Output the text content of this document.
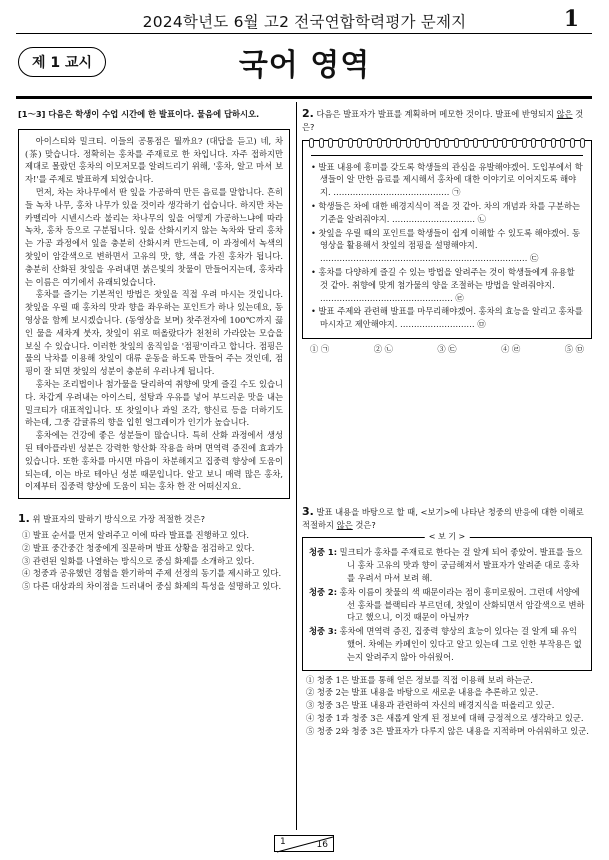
2024학년도 6월 고2 전국연합학력평가 문제지	1
제 1 교시	국어 영역
[1～3] 다음은 학생이 수업 시간에 한 발표이다. 물음에 답하시오.

아이스티와 밀크티. 이들의 공통점은 뭘까요? (대답을 듣고) 네, 차(茶) 맞습니다. 정확히는 홍차를 주재료로 한 차입니다. 자주 접하지만 제대로 몰랐던 홍차의 이모저모를 알려드리기 위해, '홍차, 알고 마셔 보자!'를 주제로 발표하게 되었습니다.

먼저, 차는 차나무에서 딴 잎을 가공하여 만든 음료를 말합니다. 흔히들 녹차 나무, 홍차 나무가 있을 것이라 생각하기 쉽습니다. 하지만 차는 카멜리아 시넨시스라 불리는 차나무의 잎을 어떻게 가공하느냐에 따라 녹차, 홍차 등으로 구분됩니다. 잎을 산화시키지 않는 녹차와 달리 홍차는 가공 과정에서 잎을 충분히 산화시켜 만드는데, 이 과정에서 녹색의 찻잎이 암갈색으로 변하면서 고유의 맛, 향, 색을 가진 홍차가 됩니다. 충분히 산화된 찻잎을 우려내면 붉은빛의 찻물이 만들어지는데, 홍차라는 이름은 여기에서 유래되었습니다.

홍차를 즐기는 기본적인 방법은 찻잎을 직접 우려 마시는 것입니다. 찻잎을 우릴 때 홍차의 맛과 향을 좌우하는 포인트가 하나 있는데요, 동영상을 함께 보시겠습니다. (동영상을 보며) 찻주전자에 100℃까지 끓인 물을 세차게 붓자, 찻잎이 위로 떠올랐다가 천천히 가라앉는 모습을 보실 수 있습니다. 이러한 찻잎의 움직임을 '점핑'이라고 합니다. 점핑은 물의 낙차를 이용해 찻잎이 대류 운동을 하도록 만들어 주는 것인데, 점핑이 잘 되면 찻잎의 성분이 충분히 우러나게 됩니다.

홍차는 조리법이나 첨가물을 달리하여 취향에 맞게 즐길 수도 있습니다. 차갑게 우려내는 아이스티, 설탕과 우유를 넣어 부드러운 맛을 내는 밀크티가 대표적입니다. 또 찻잎이나 과일 조각, 향신료 등을 더하기도 하는데, 그중 감귤류의 향을 입힌 얼그레이가 인기가 높습니다.

홍차에는 건강에 좋은 성분들이 많습니다. 특히 산화 과정에서 생성된 테아플라빈 성분은 강력한 항산화 작용을 하며 면역력 증진에 효과가 있습니다. 또한 홍차를 마시면 마음이 차분해지고 집중력 향상에 도움이 되는데, 이는 바로 테아닌 성분 때문입니다. 알고 보니 매력 많은 홍차, 이제부터 집중력 향상에 도움이 되는 홍차 한 잔 어떠신지요.

1. 위 발표자의 말하기 방식으로 가장 적절한 것은?
① 발표 순서를 먼저 알려주고 이에 따라 발표를 진행하고 있다.
② 발표 중간중간 청중에게 질문하며 발표 상황을 점검하고 있다.
③ 관련된 일화를 나열하는 방식으로 중심 화제를 소개하고 있다.
④ 청중과 공유했던 경험을 환기하여 주제 선정의 동기를 제시하고 있다.
⑤ 다른 대상과의 차이점을 드러내어 중심 화제의 특성을 설명하고 있다.
2. 다음은 발표자가 발표를 계획하며 메모한 것이다. 발표에 반영되지 않은 것은?
• 발표 내용에 흥미를 갖도록 학생들의 관심을 유발해야겠어. 도입부에서 학생들이 알 만한 음료를 제시해서 홍차에 대한 이야기로 이어지도록 해야지. …………………………………… ㉠
• 학생들은 차에 대한 배경지식이 적을 것 같아. 차의 개념과 차를 구분하는 기준을 알려줘야지. ………………………… ㉡
• 찻잎을 우릴 때의 포인트를 학생들이 쉽게 이해할 수 있도록 해야겠어. 동영상을 활용해서 찻잎의 점핑을 설명해야지. ………………………………………………………………… ㉢
• 홍차를 다양하게 즐길 수 있는 방법을 알려주는 것이 학생들에게 유용할 것 같아. 취향에 맞게 첨가물의 양을 조절하는 방법을 알려줘야지. ………………………………………… ㉣
• 발표 주제와 관련해 발표를 마무리해야겠어. 홍차의 효능을 알리고 홍차를 마시자고 제안해야지. ……………………… ㉤
① ㉠	② ㉡	③ ㉢	④ ㉣	⑤ ㉤
3. 발표 내용을 바탕으로 할 때, <보기>에 나타난 청중의 반응에 대한 이해로 적절하지 않은 것은?
< 보 기 >
청중 1: 밀크티가 홍차를 주재료로 한다는 걸 알게 되어 좋았어. 발표를 들으니 홍차 고유의 맛과 향이 궁금해져서 발표자가 알려준 대로 홍차를 우려서 마셔 보려 해.
청중 2: 홍차 이름이 찻물의 색 때문이라는 점이 흥미로웠어. 그런데 서양에선 홍차를 블랙티라 부르던데, 찻잎이 산화되면서 암갈색으로 변하다고 했으니, 이것 때문이 아닐까?
청중 3: 홍차에 면역력 증진, 집중력 향상의 효능이 있다는 걸 알게 돼 유익했어. 차에는 카페인이 있다고 알고 있는데 그로 인한 부작용은 없는지 알려주지 않아 아쉬웠어.
① 청중 1은 발표를 통해 얻은 정보를 직접 이용해 보려 하는군.
② 청중 2는 발표 내용을 바탕으로 새로운 내용을 추론하고 있군.
③ 청중 3은 발표 내용과 관련하여 자신의 배경지식을 떠올리고 있군.
④ 청중 1과 청중 3은 새롭게 알게 된 정보에 대해 긍정적으로 생각하고 있군.
⑤ 청중 2와 청중 3은 발표자가 다루지 않은 내용을 지적하며 아쉬워하고 있군.
1	16
